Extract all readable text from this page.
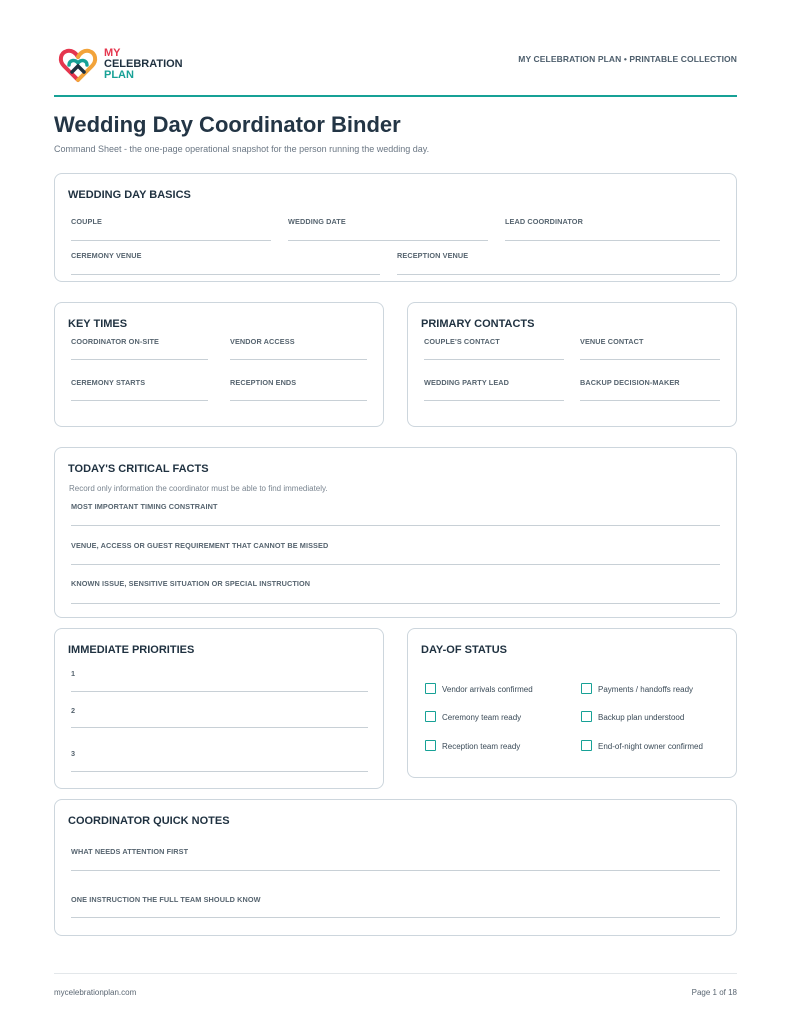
MY
CELEBRATION
PLAN
MY CELEBRATION PLAN • PRINTABLE COLLECTION
Wedding Day Coordinator Binder
Command Sheet - the one-page operational snapshot for the person running the wedding day.
WEDDING DAY BASICS
COUPLE	WEDDING DATE	LEAD COORDINATOR
CEREMONY VENUE	RECEPTION VENUE
KEY TIMES
COORDINATOR ON-SITE	VENDOR ACCESS
CEREMONY STARTS	RECEPTION ENDS
PRIMARY CONTACTS
COUPLE'S CONTACT	VENUE CONTACT
WEDDING PARTY LEAD	BACKUP DECISION-MAKER
TODAY'S CRITICAL FACTS
Record only information the coordinator must be able to find immediately.
MOST IMPORTANT TIMING CONSTRAINT
VENUE, ACCESS OR GUEST REQUIREMENT THAT CANNOT BE MISSED
KNOWN ISSUE, SENSITIVE SITUATION OR SPECIAL INSTRUCTION
IMMEDIATE PRIORITIES
1
2
3
DAY-OF STATUS
Vendor arrivals confirmed	Payments / handoffs ready
Ceremony team ready	Backup plan understood
Reception team ready	End-of-night owner confirmed
COORDINATOR QUICK NOTES
WHAT NEEDS ATTENTION FIRST
ONE INSTRUCTION THE FULL TEAM SHOULD KNOW
mycelebrationplan.com	Page 1 of 18
